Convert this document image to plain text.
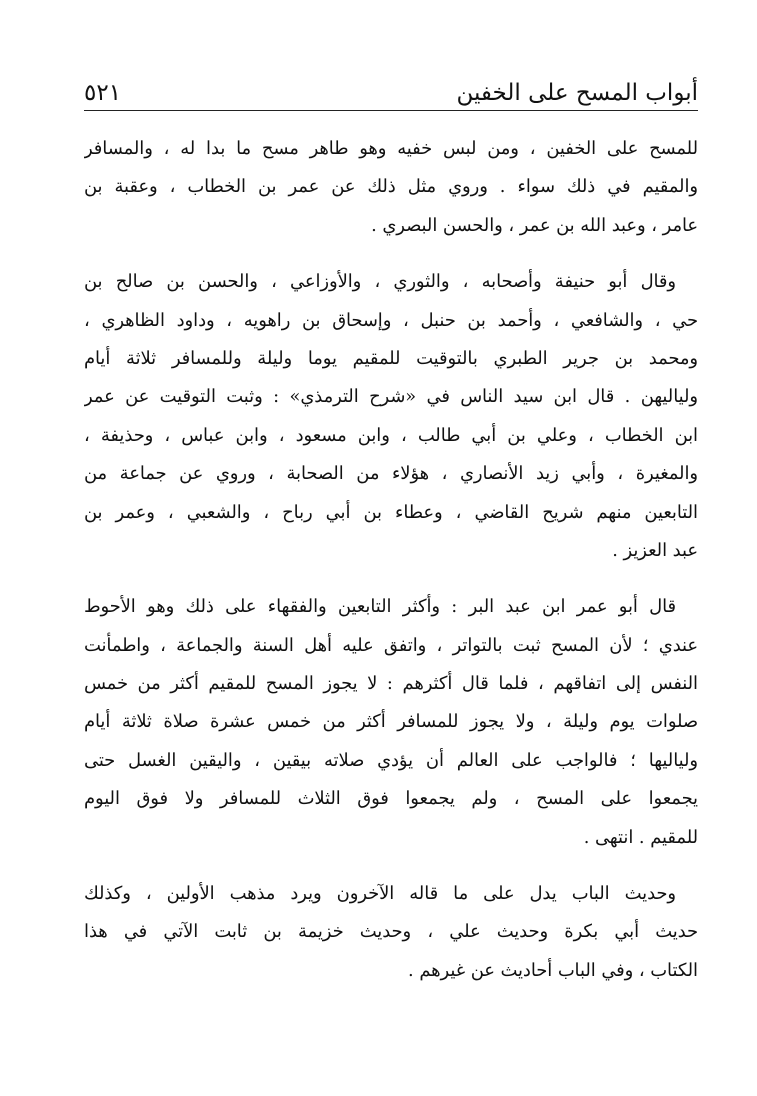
أبواب المسح على الخفين
٥٢١
للمسح على الخفين ، ومن لبس خفيه وهو طاهر مسح ما بدا له ، والمسافر
والمقيم في ذلك سواء . وروي مثل ذلك عن عمر بن الخطاب ، وعقبة بن
عامر ، وعبد الله بن عمر ، والحسن البصري .
وقال أبو حنيفة وأصحابه ، والثوري ، والأوزاعي ، والحسن بن صالح بن
حي ، والشافعي ، وأحمد بن حنبل ، وإسحاق بن راهويه ، وداود الظاهري ،
ومحمد بن جرير الطبري بالتوقيت للمقيم يوما وليلة وللمسافر ثلاثة أيام
ولياليهن . قال ابن سيد الناس في «شرح الترمذي» : وثبت التوقيت عن عمر
ابن الخطاب ، وعلي بن أبي طالب ، وابن مسعود ، وابن عباس ، وحذيفة ،
والمغيرة ، وأبي زيد الأنصاري ، هؤلاء من الصحابة ، وروي عن جماعة من
التابعين منهم شريح القاضي ، وعطاء بن أبي رباح ، والشعبي ، وعمر بن
عبد العزيز .
قال أبو عمر ابن عبد البر : وأكثر التابعين والفقهاء على ذلك وهو الأحوط
عندي ؛ لأن المسح ثبت بالتواتر ، واتفق عليه أهل السنة والجماعة ، واطمأنت
النفس إلى اتفاقهم ، فلما قال أكثرهم : لا يجوز المسح للمقيم أكثر من خمس
صلوات يوم وليلة ، ولا يجوز للمسافر أكثر من خمس عشرة صلاة ثلاثة أيام
ولياليها ؛ فالواجب على العالم أن يؤدي صلاته بيقين ، واليقين الغسل حتى
يجمعوا على المسح ، ولم يجمعوا فوق الثلاث للمسافر ولا فوق اليوم
للمقيم . انتهى .
وحديث الباب يدل على ما قاله الآخرون ويرد مذهب الأولين ، وكذلك
حديث أبي بكرة وحديث علي ، وحديث خزيمة بن ثابت الآتي في هذا
الكتاب ، وفي الباب أحاديث عن غيرهم .
